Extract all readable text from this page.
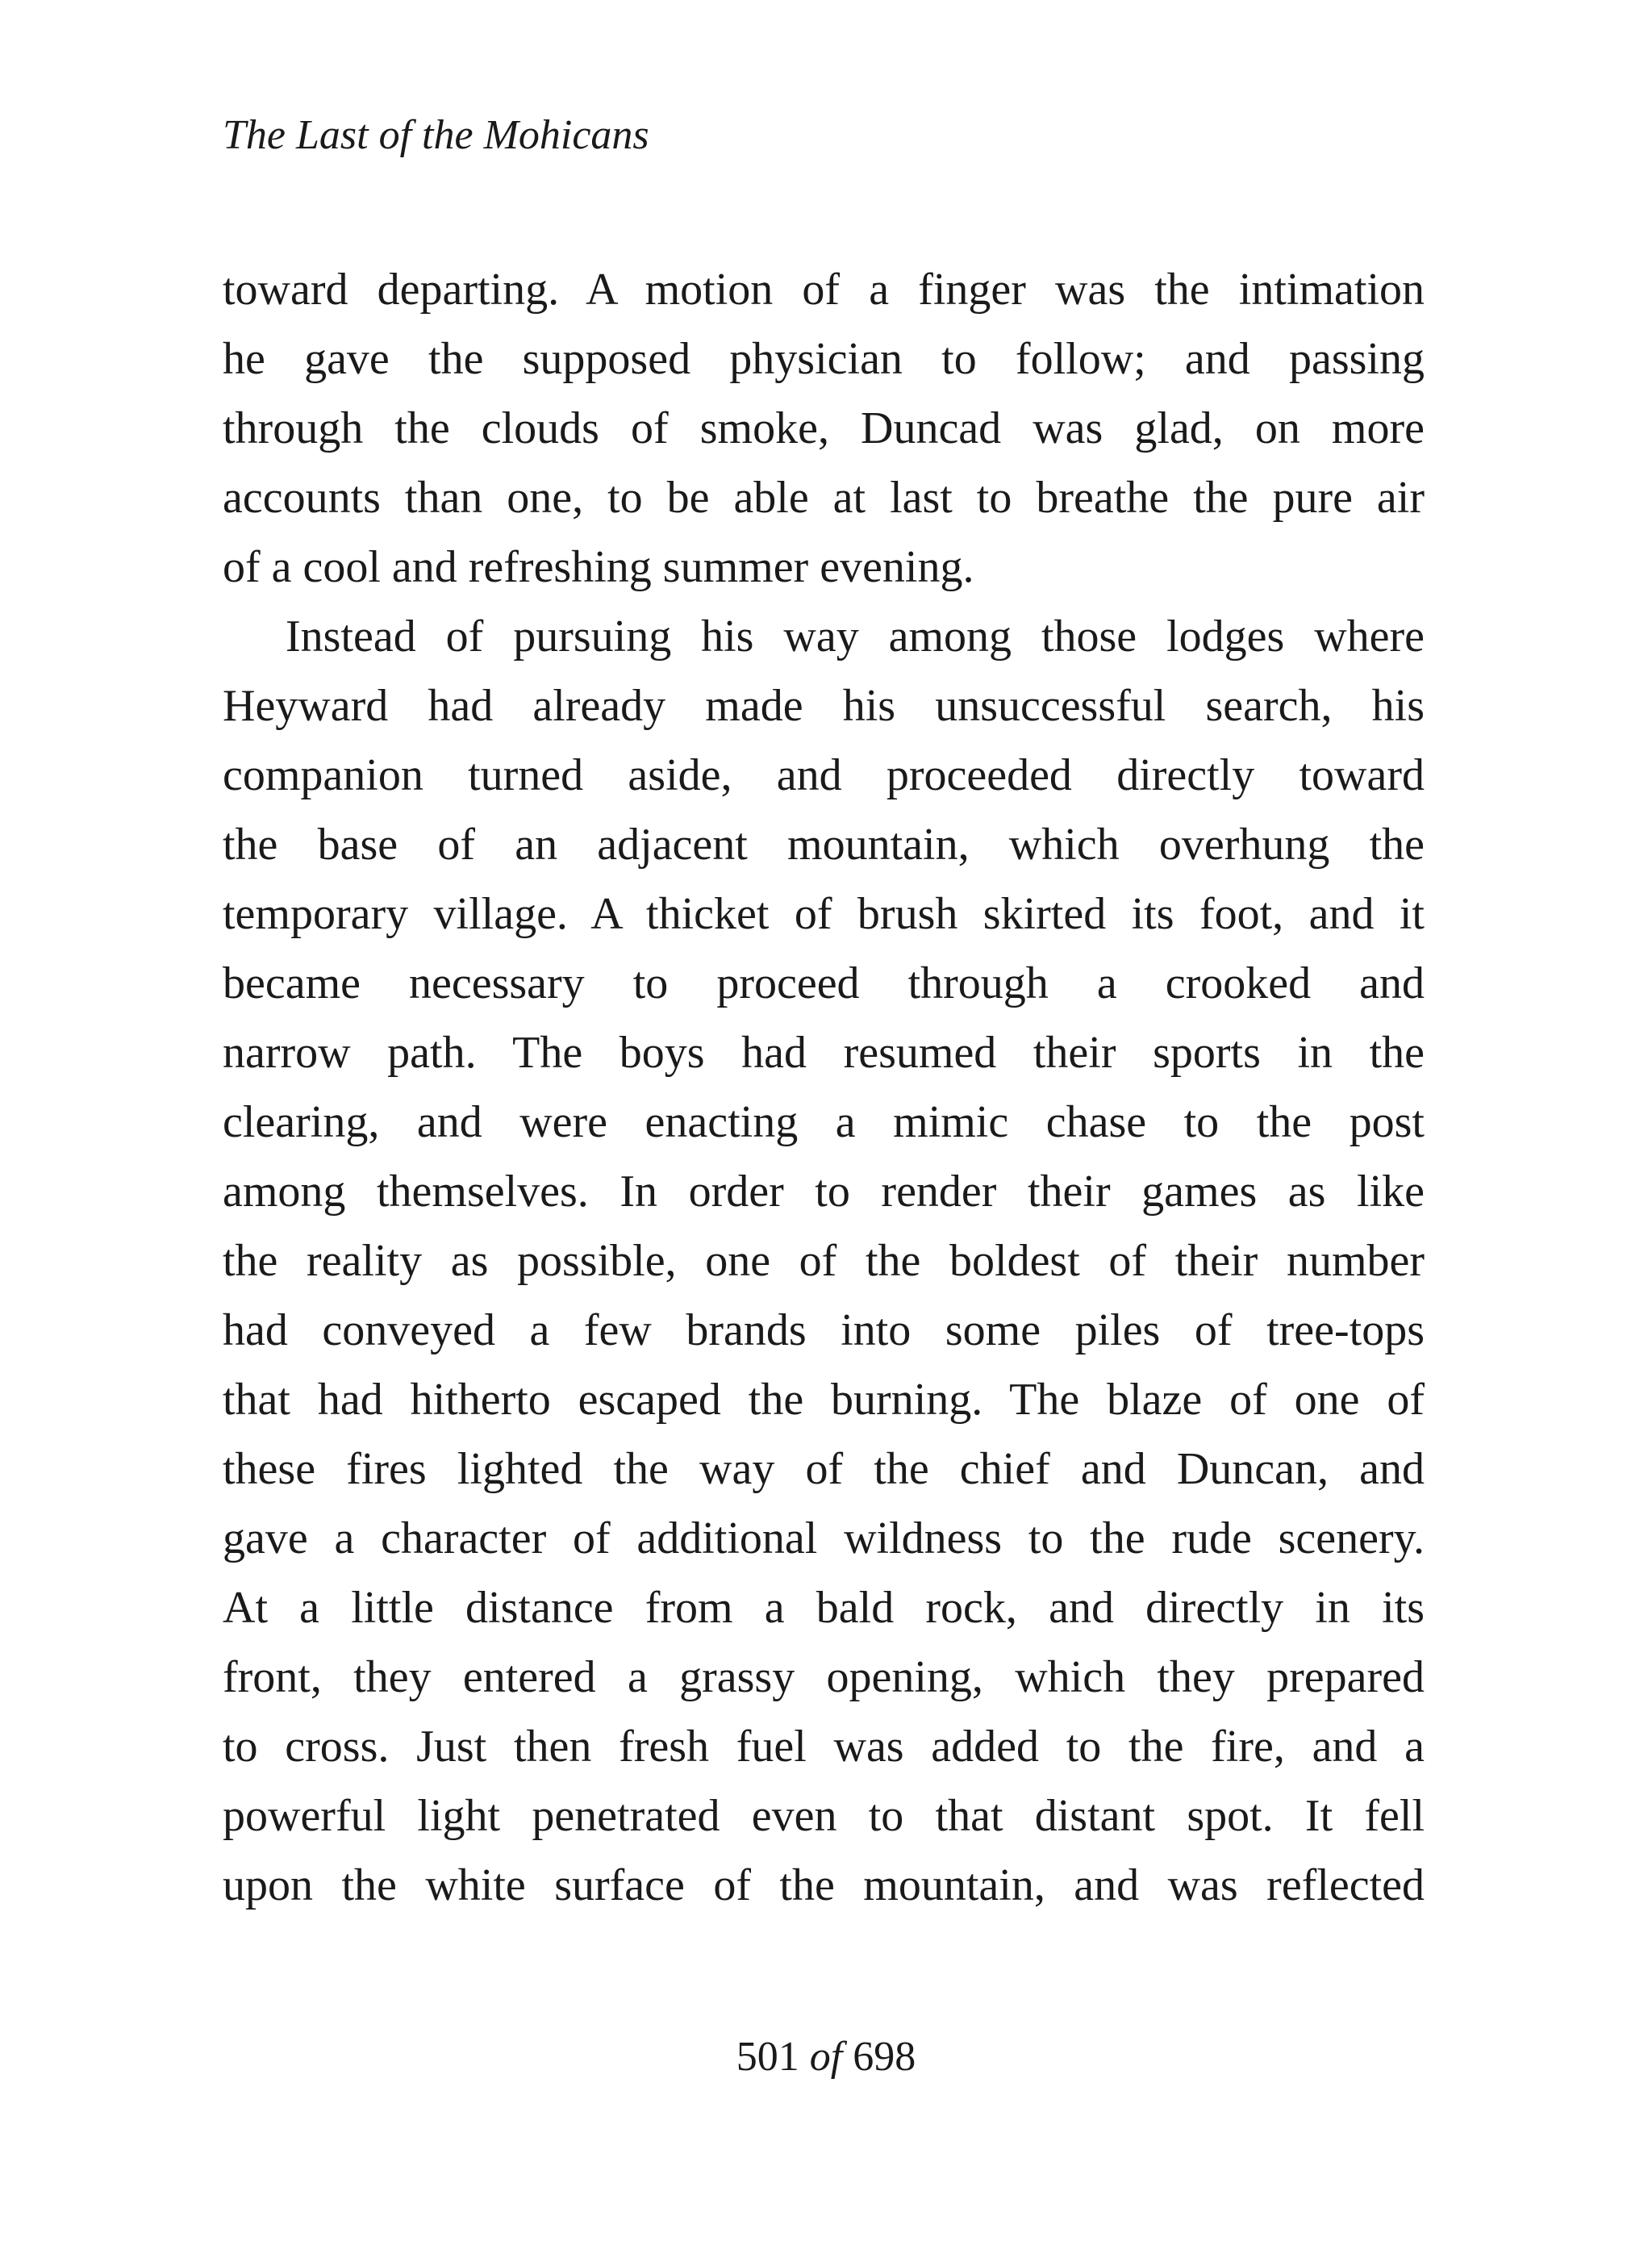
The Last of the Mohicans
toward departing. A motion of a finger was the intimation
he gave the supposed physician to follow; and passing
through the clouds of smoke, Duncad was glad, on more
accounts than one, to be able at last to breathe the pure air
of a cool and refreshing summer evening.
Instead of pursuing his way among those lodges where
Heyward had already made his unsuccessful search, his
companion turned aside, and proceeded directly toward
the base of an adjacent mountain, which overhung the
temporary village. A thicket of brush skirted its foot, and it
became necessary to proceed through a crooked and
narrow path. The boys had resumed their sports in the
clearing, and were enacting a mimic chase to the post
among themselves. In order to render their games as like
the reality as possible, one of the boldest of their number
had conveyed a few brands into some piles of tree-tops
that had hitherto escaped the burning. The blaze of one of
these fires lighted the way of the chief and Duncan, and
gave a character of additional wildness to the rude scenery.
At a little distance from a bald rock, and directly in its
front, they entered a grassy opening, which they prepared
to cross. Just then fresh fuel was added to the fire, and a
powerful light penetrated even to that distant spot. It fell
upon the white surface of the mountain, and was reflected
501 of 698
